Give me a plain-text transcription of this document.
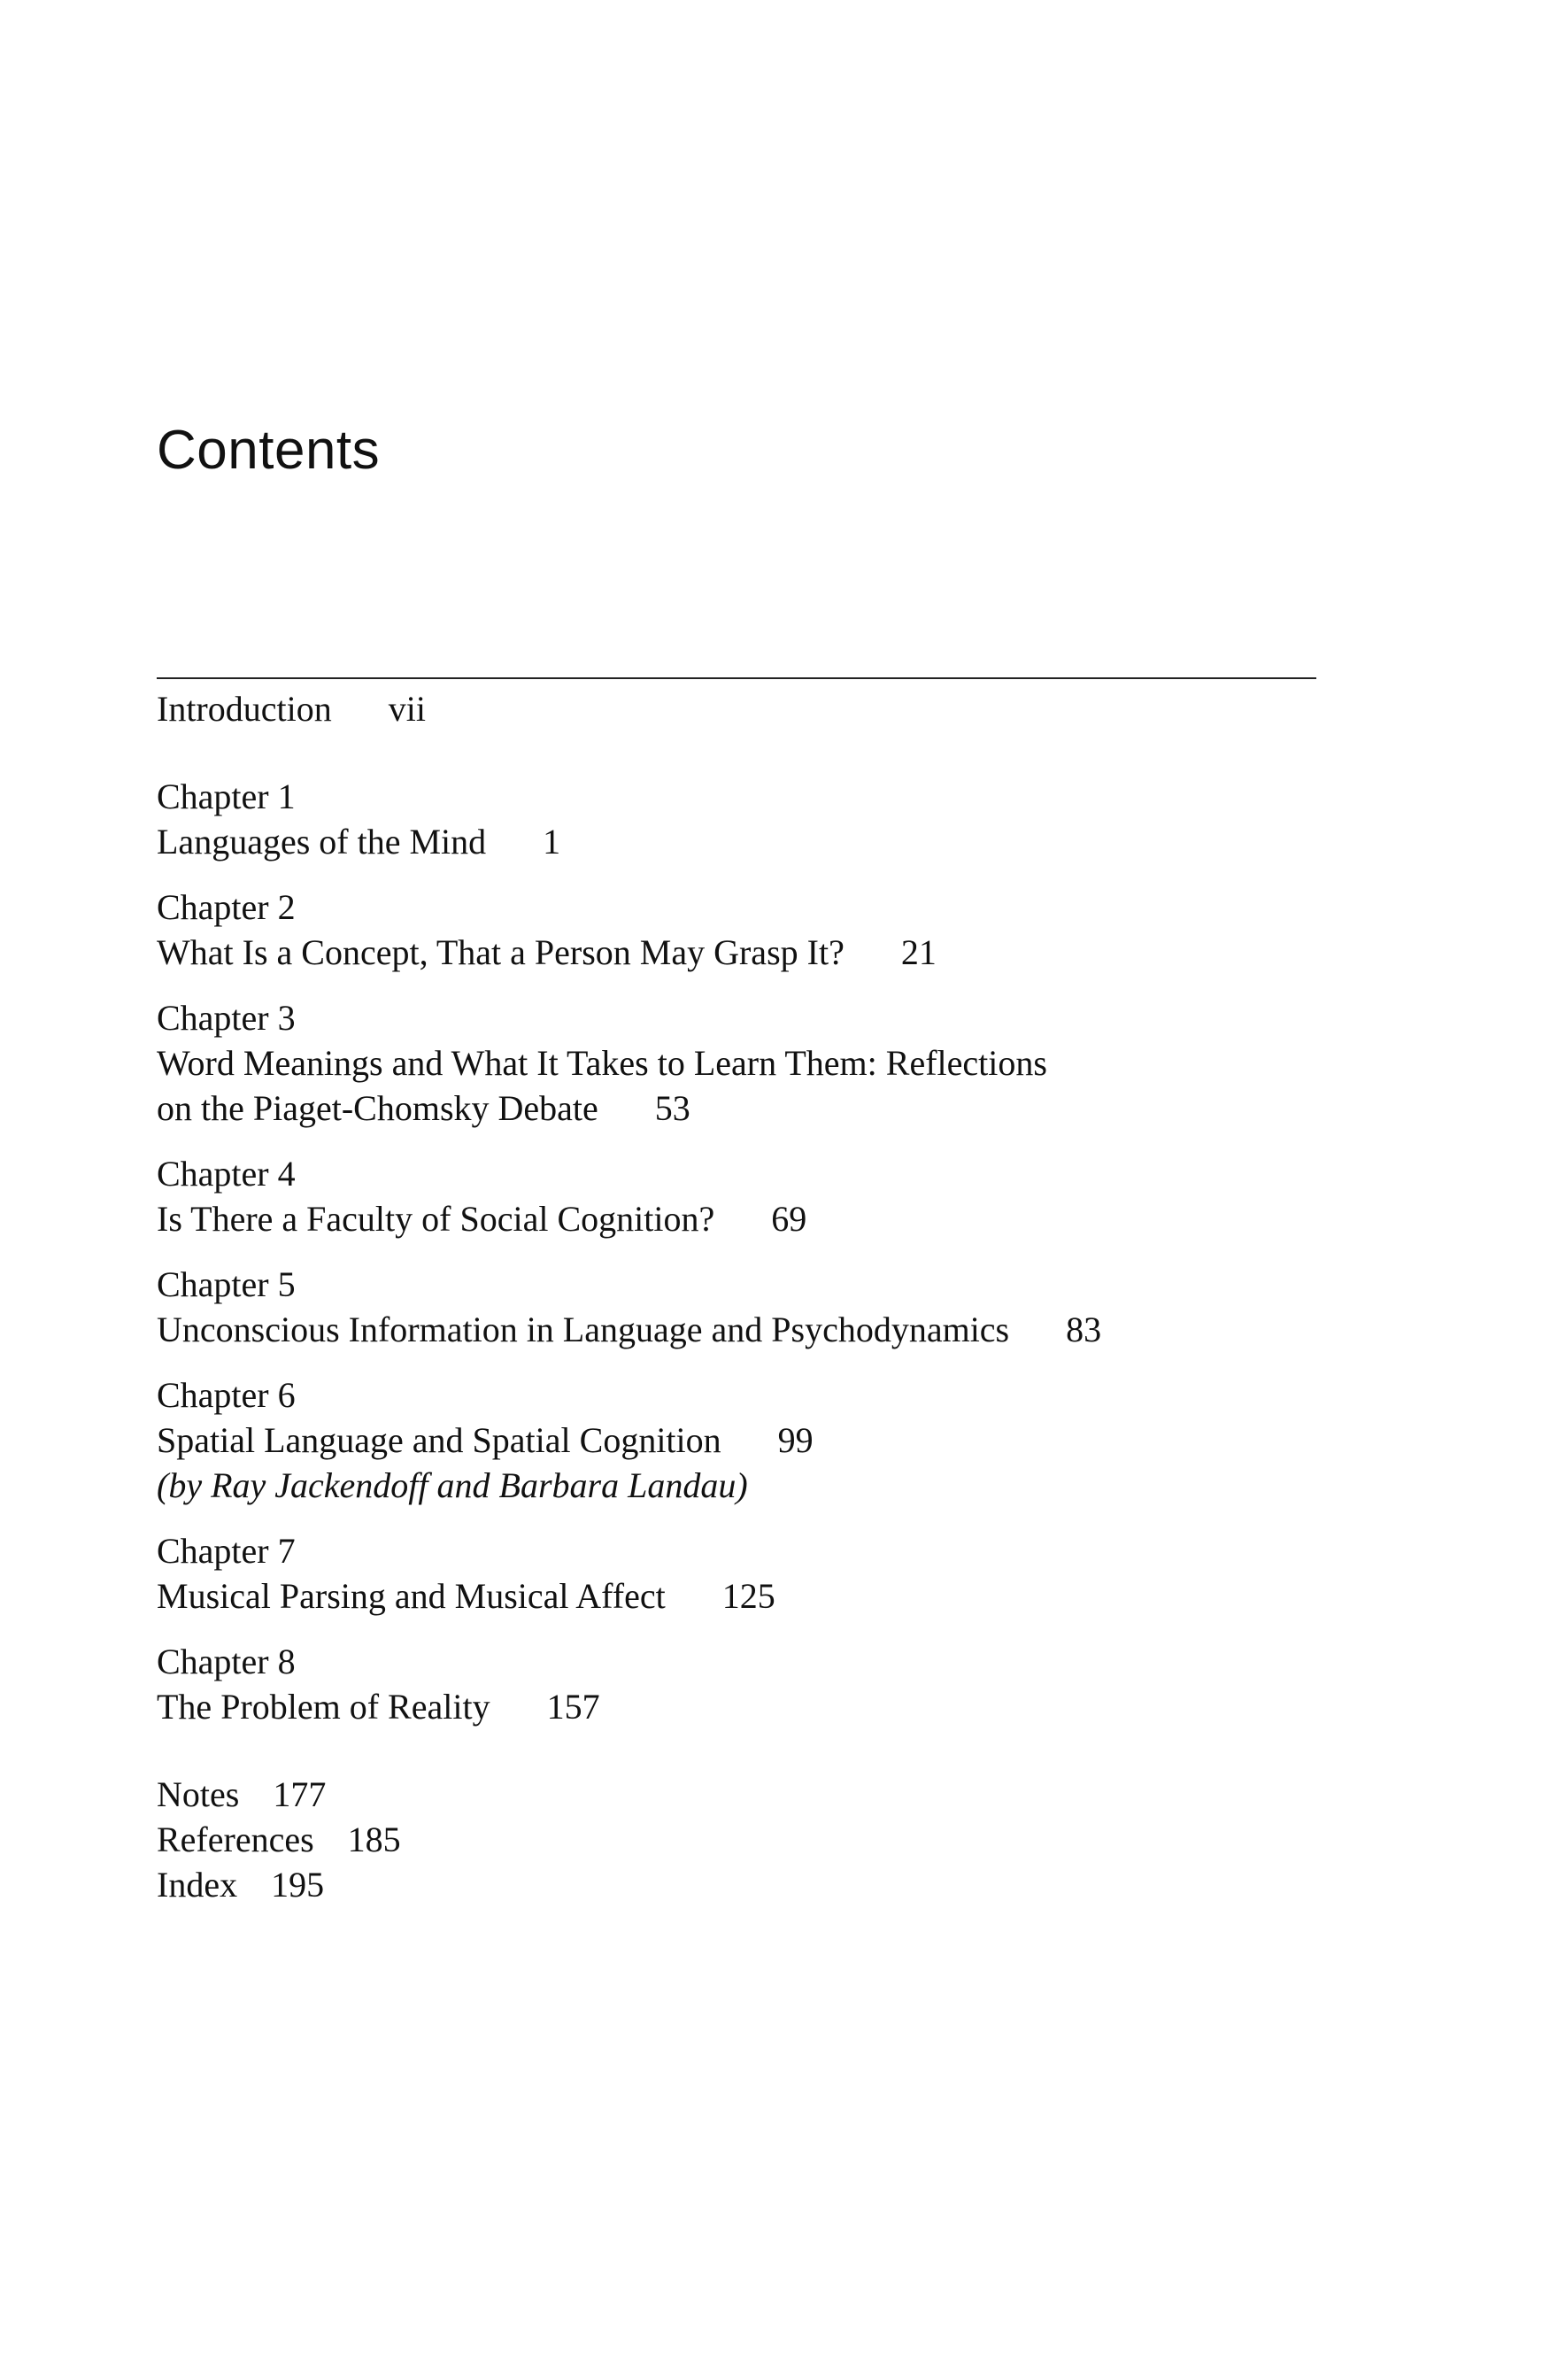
Contents
Introduction vii
Chapter 1
Languages of the Mind 1
Chapter 2
What Is a Concept, That a Person May Grasp It? 21
Chapter 3
Word Meanings and What It Takes to Learn Them: Reflections
on the Piaget-Chomsky Debate 53
Chapter 4
Is There a Faculty of Social Cognition? 69
Chapter 5
Unconscious Information in Language and Psychodynamics 83
Chapter 6
Spatial Language and Spatial Cognition 99
(by Ray Jackendoff and Barbara Landau)
Chapter 7
Musical Parsing and Musical Affect 125
Chapter 8
The Problem of Reality 157
Notes 177
References 185
Index 195
